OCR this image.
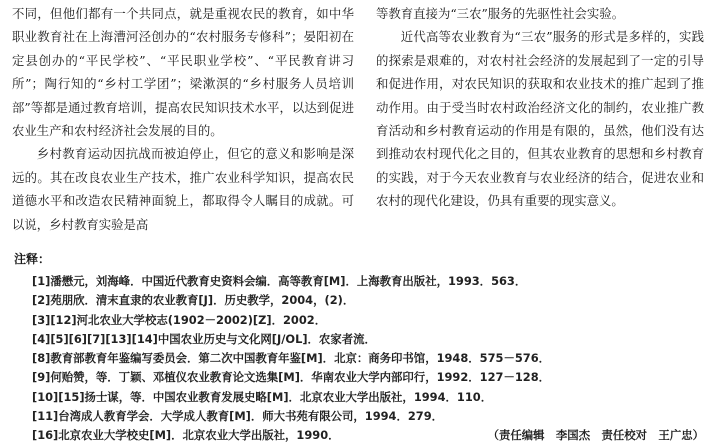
不同，但他们都有一个共同点，就是重视农民的教育，如中华职业教育社在上海漕河泾创办的“农村服务专修科”；晏阳初在定县创办的“平民学校”、“平民职业学校”、“平民教育讲习所”；陶行知的“乡村工学团”；梁漱溟的“乡村服务人员培训部”等都是通过教育培训，提高农民知识技术水平，以达到促进农业生产和农村经济社会发展的目的。

乡村教育运动因抗战而被迫停止，但它的意义和影响是深远的。其在改良农业生产技术，推广农业科学知识，提高农民道德水平和改造农民精神面貌上，都取得令人瞩目的成就。可以说，乡村教育实验是高

等教育直接为“三农”服务的先驱性社会实验。

近代高等农业教育为“三农”服务的形式是多样的，实践的探索是艰难的，对农村社会经济的发展起到了一定的引导和促进作用，对农民知识的获取和农业技术的推广起到了推动作用。由于受当时农村政治经济文化的制约，农业推广教育活动和乡村教育运动的作用是有限的，虽然，他们没有达到推动农村现代化之目的，但其农业教育的思想和乡村教育的实践，对于今天农业教育与农业经济的结合，促进农业和农村的现代化建设，仍具有重要的现实意义。

注释：
[1]潘懋元，刘海峰．中国近代教育史资料会编．高等教育[M]．上海教育出版社，1993．563．
[2]苑朋欣．清末直隶的农业教育[J]．历史教学，2004，(2)．
[3][12]河北农业大学校志(1902－2002)[Z]．2002．
[4][5][6][7][13][14]中国农业历史与文化网[J/OL]．农家者流．
[8]教育部教育年鉴编写委员会．第二次中国教育年鉴[M]．北京：商务印书馆，1948．575－576．
[9]何贻赞，等．丁颖、邓植仪农业教育论文选集[M]．华南农业大学内部印行，1992．127－128．
[10][15]扬士谋，等．中国农业教育发展史略[M]．北京农业大学出版社，1994．110．
[11]台湾成人教育学会．大学成人教育[M]．师大书苑有限公司，1994．279．
[16]北京农业大学校史[M]．北京农业大学出版社，1990．	（责任编辑　李国杰　责任校对　王广忠）
